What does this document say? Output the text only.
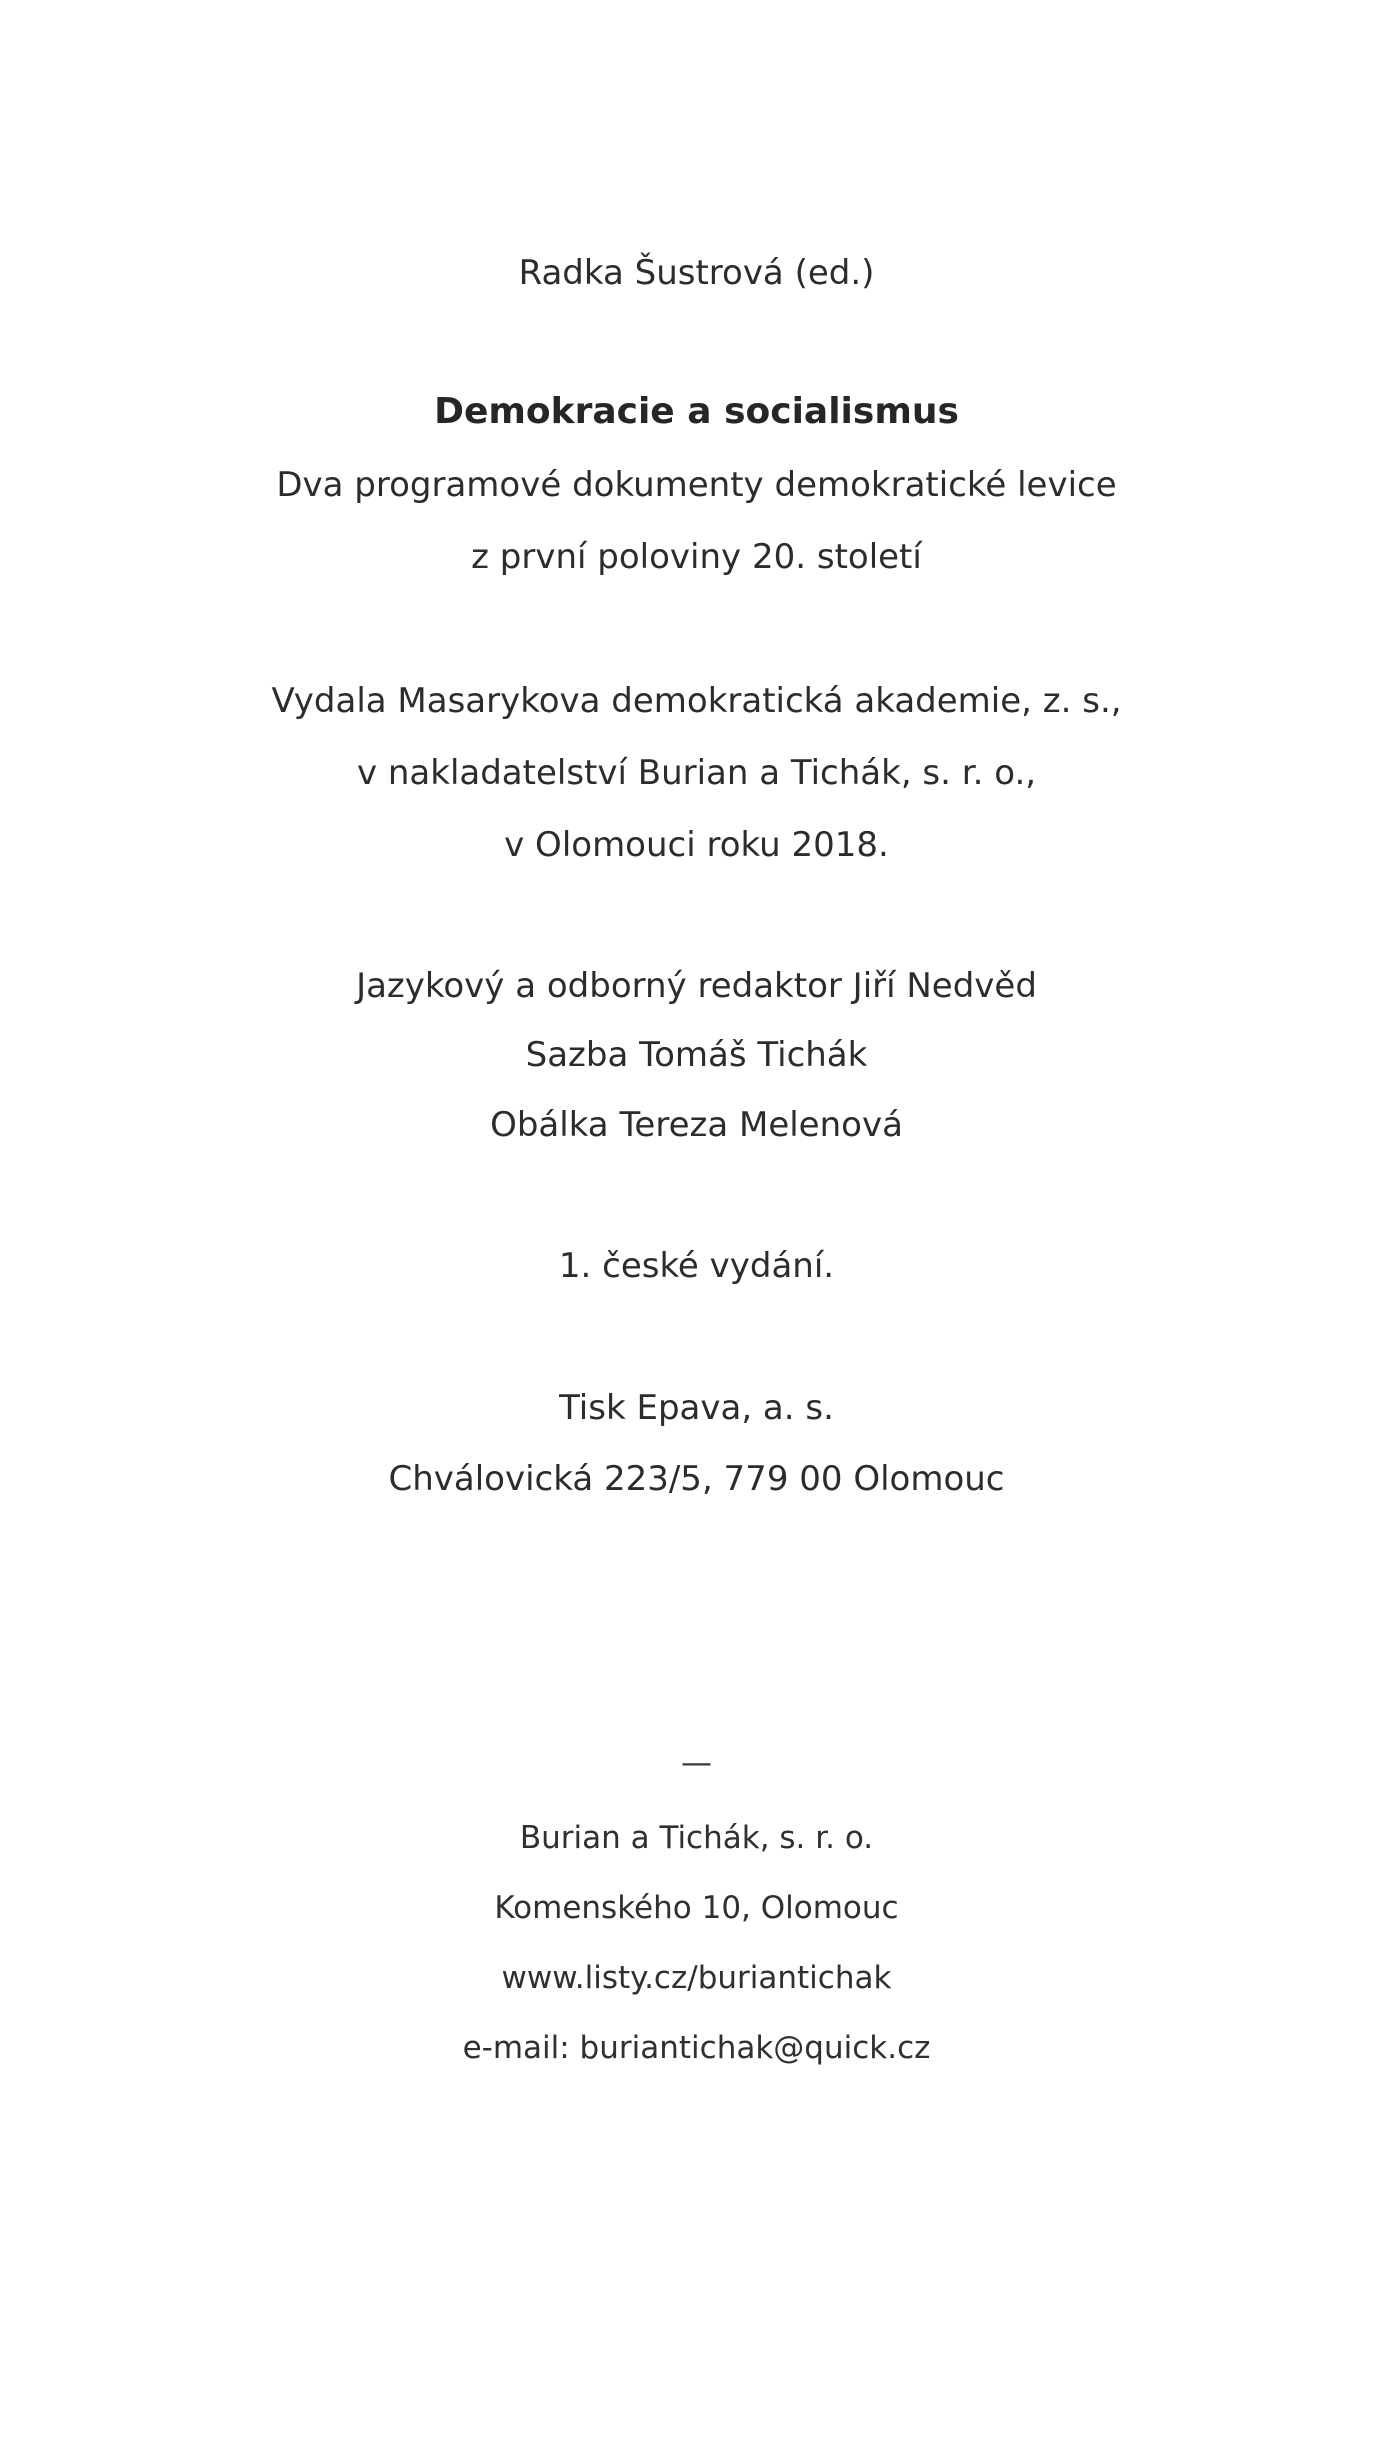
Radka Šustrová (ed.)
Demokracie a socialismus
Dva programové dokumenty demokratické levice
z první poloviny 20. století
Vydala Masarykova demokratická akademie, z. s.,
v nakladatelství Burian a Tichák, s. r. o.,
v Olomouci roku 2018.
Jazykový a odborný redaktor Jiří Nedvěd
Sazba Tomáš Tichák
Obálka Tereza Melenová
1. české vydání.
Tisk Epava, a. s.
Chválovická 223/5, 779 00 Olomouc
—
Burian a Tichák, s. r. o.
Komenského 10, Olomouc
www.listy.cz/buriantichak
e-mail: buriantichak@quick.cz
